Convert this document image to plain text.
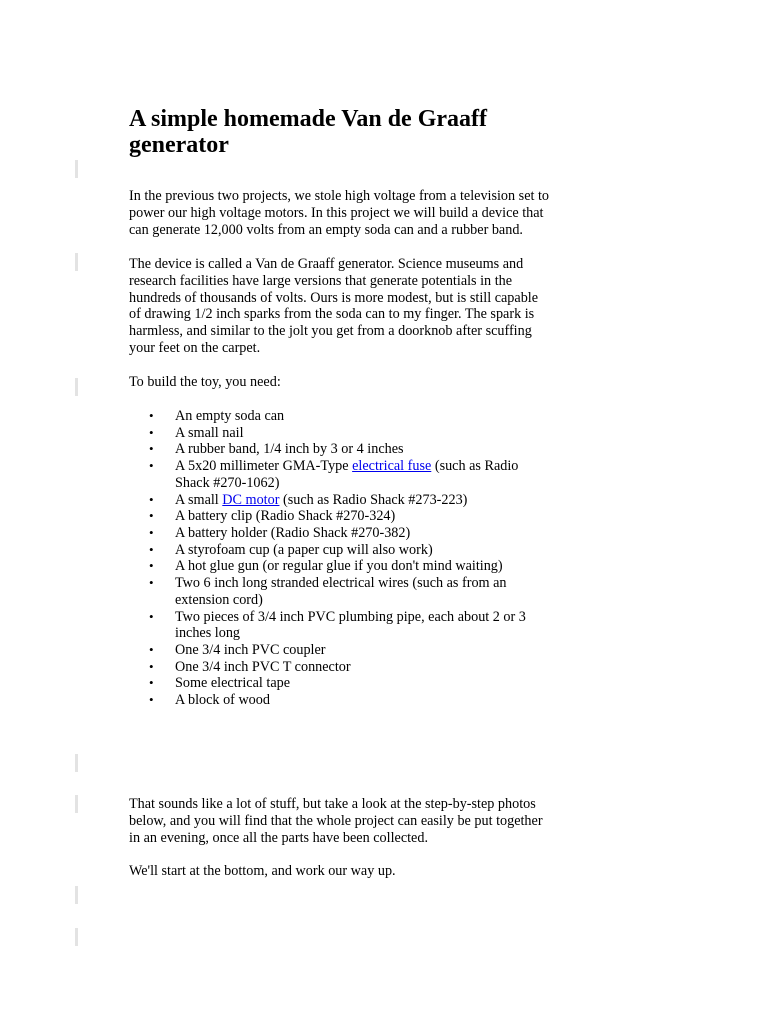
A simple homemade Van de Graaff generator

In the previous two projects, we stole high voltage from a television set to power our high voltage motors. In this project we will build a device that can generate 12,000 volts from an empty soda can and a rubber band.

The device is called a Van de Graaff generator. Science museums and research facilities have large versions that generate potentials in the hundreds of thousands of volts. Ours is more modest, but is still capable of drawing 1/2 inch sparks from the soda can to my finger. The spark is harmless, and similar to the jolt you get from a doorknob after scuffing your feet on the carpet.

To build the toy, you need:

• An empty soda can
• A small nail
• A rubber band, 1/4 inch by 3 or 4 inches
• A 5x20 millimeter GMA-Type electrical fuse (such as Radio Shack #270-1062)
• A small DC motor (such as Radio Shack #273-223)
• A battery clip (Radio Shack #270-324)
• A battery holder (Radio Shack #270-382)
• A styrofoam cup (a paper cup will also work)
• A hot glue gun (or regular glue if you don't mind waiting)
• Two 6 inch long stranded electrical wires (such as from an extension cord)
• Two pieces of 3/4 inch PVC plumbing pipe, each about 2 or 3 inches long
• One 3/4 inch PVC coupler
• One 3/4 inch PVC T connector
• Some electrical tape
• A block of wood

That sounds like a lot of stuff, but take a look at the step-by-step photos below, and you will find that the whole project can easily be put together in an evening, once all the parts have been collected.

We'll start at the bottom, and work our way up.
